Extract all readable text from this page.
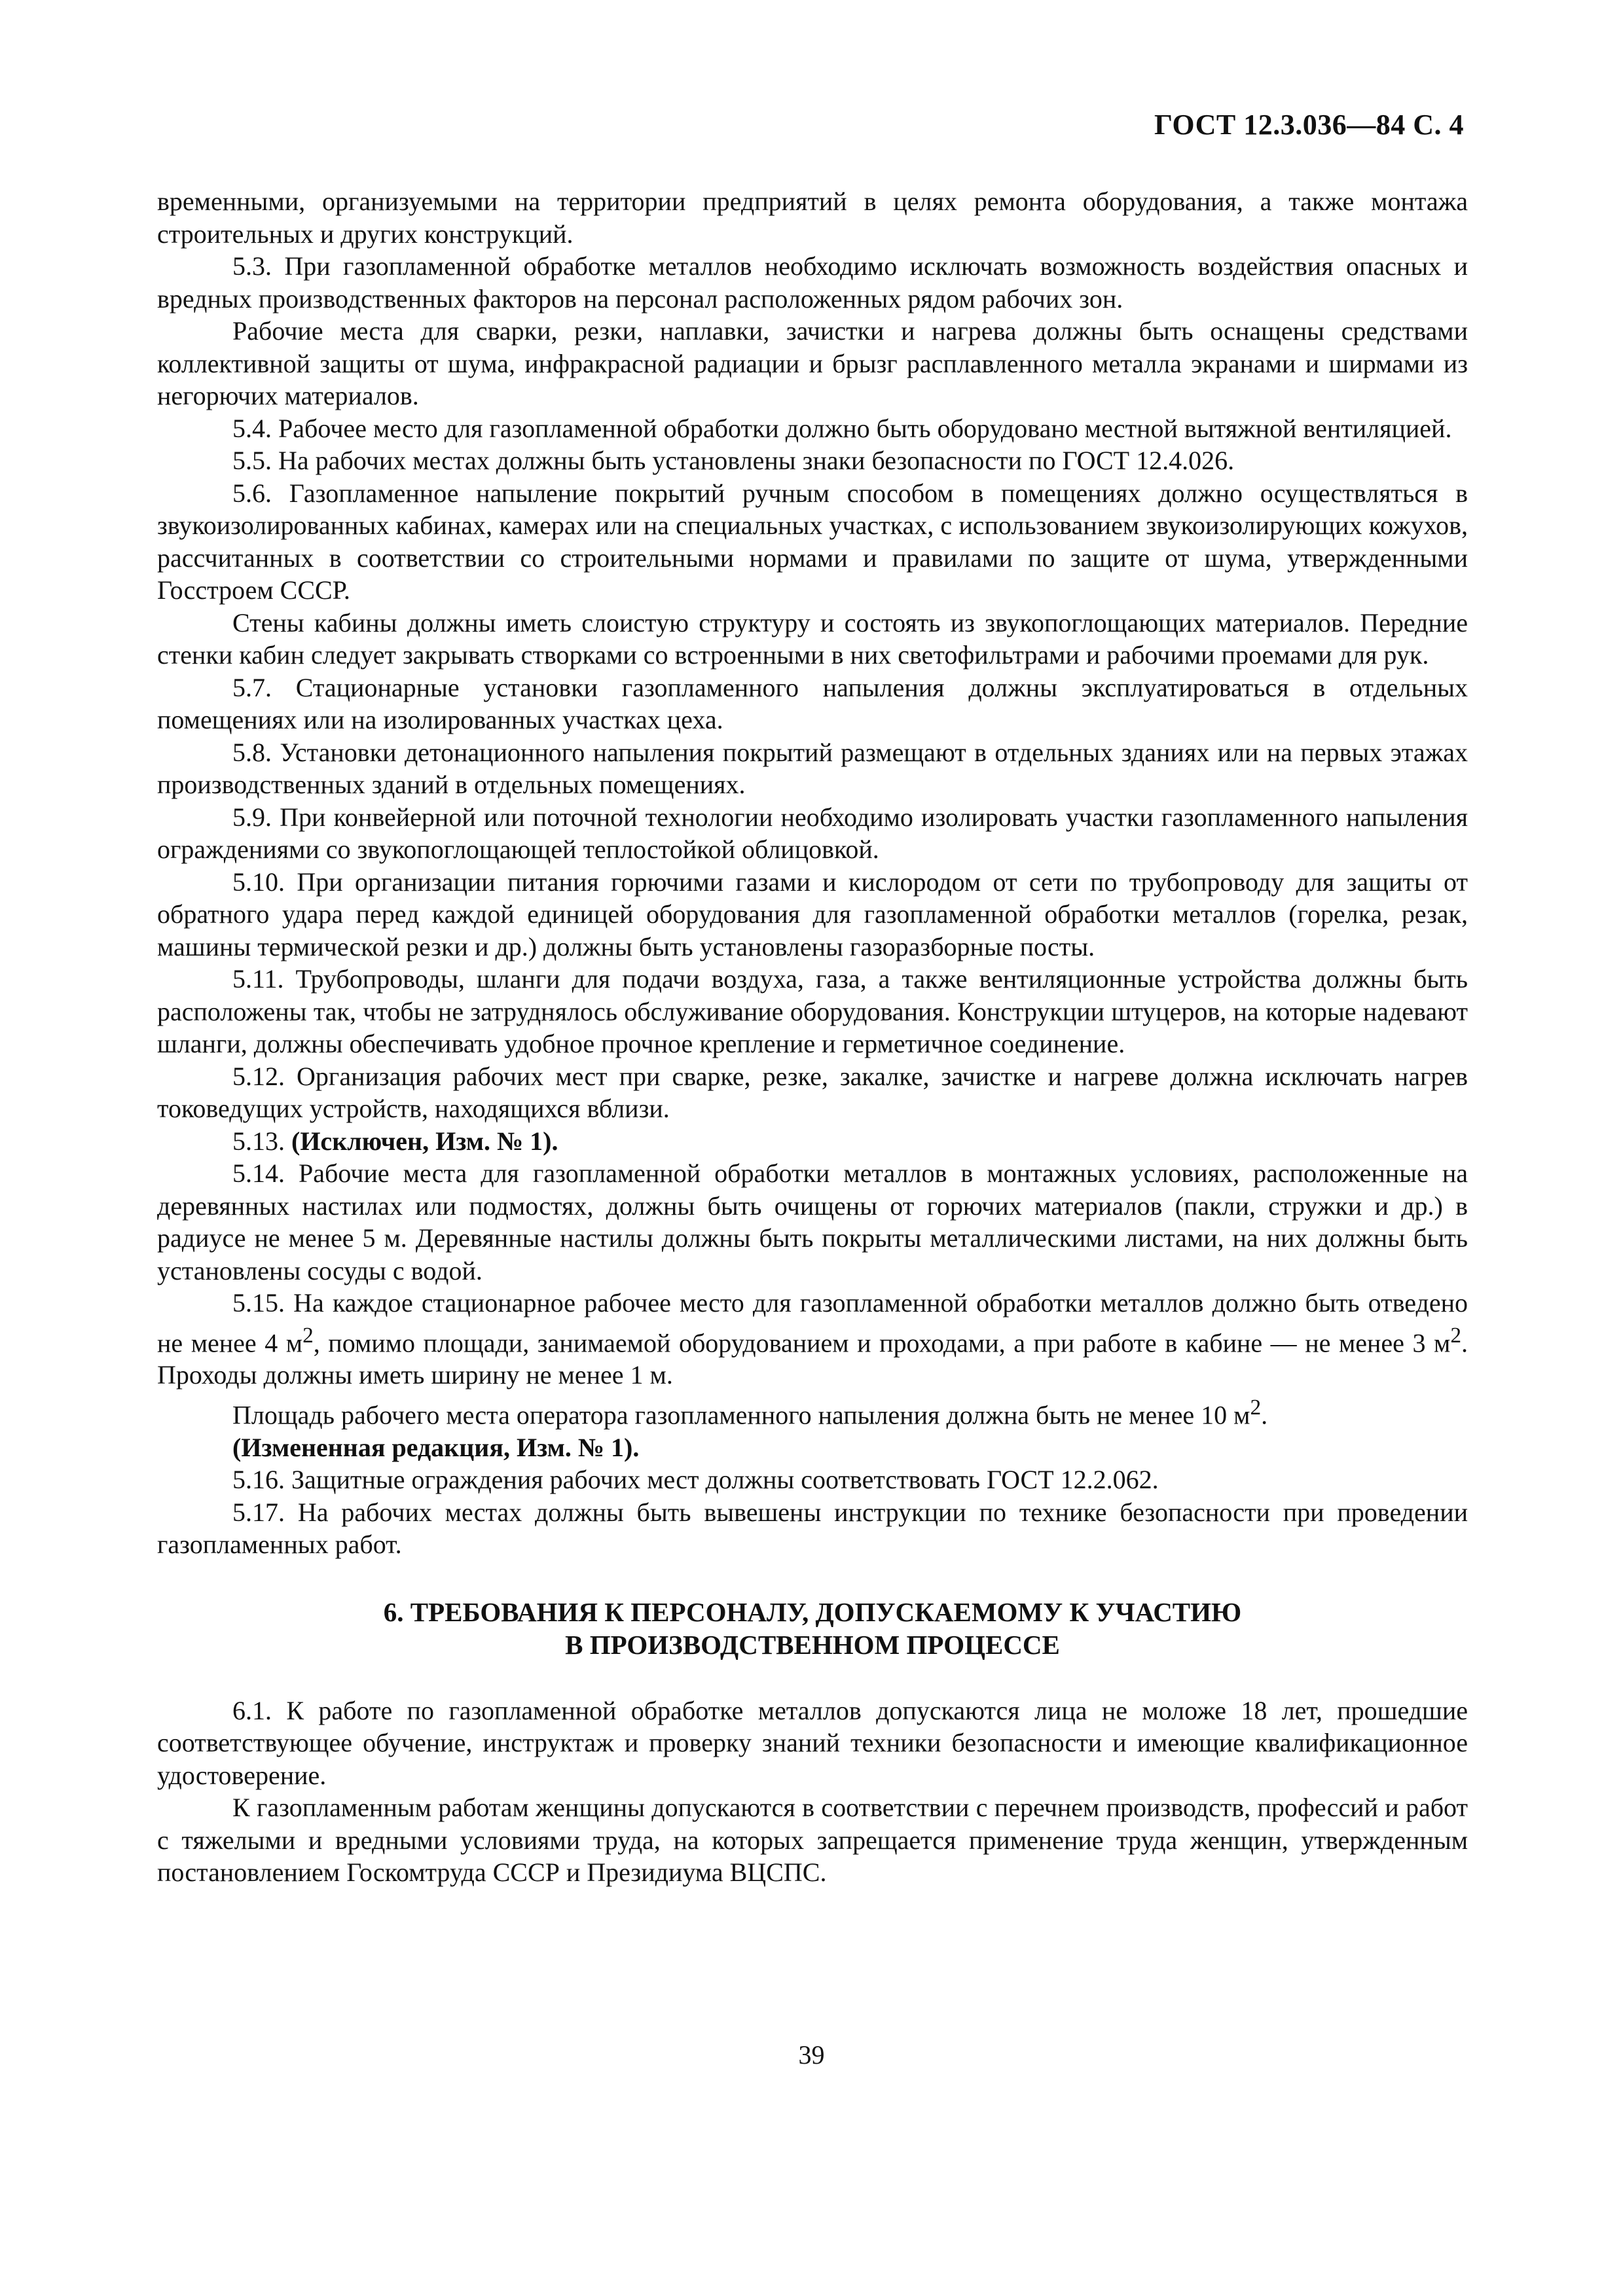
ГОСТ 12.3.036—84 С. 4

временными, организуемыми на территории предприятий в целях ремонта оборудования, а также монтажа строительных и других конструкций.

5.3. При газопламенной обработке металлов необходимо исключать возможность воздействия опасных и вредных производственных факторов на персонал расположенных рядом рабочих зон.

Рабочие места для сварки, резки, наплавки, зачистки и нагрева должны быть оснащены средствами коллективной защиты от шума, инфракрасной радиации и брызг расплавленного металла экранами и ширмами из негорючих материалов.

5.4. Рабочее место для газопламенной обработки должно быть оборудовано местной вытяжной вентиляцией.

5.5. На рабочих местах должны быть установлены знаки безопасности по ГОСТ 12.4.026.

5.6. Газопламенное напыление покрытий ручным способом в помещениях должно осуществляться в звукоизолированных кабинах, камерах или на специальных участках, с использованием звукоизолирующих кожухов, рассчитанных в соответствии со строительными нормами и правилами по защите от шума, утвержденными Госстроем СССР.

Стены кабины должны иметь слоистую структуру и состоять из звукопоглощающих материалов. Передние стенки кабин следует закрывать створками со встроенными в них светофильтрами и рабочими проемами для рук.

5.7. Стационарные установки газопламенного напыления должны эксплуатироваться в отдельных помещениях или на изолированных участках цеха.

5.8. Установки детонационного напыления покрытий размещают в отдельных зданиях или на первых этажах производственных зданий в отдельных помещениях.

5.9. При конвейерной или поточной технологии необходимо изолировать участки газопламенного напыления ограждениями со звукопоглощающей теплостойкой облицовкой.

5.10. При организации питания горючими газами и кислородом от сети по трубопроводу для защиты от обратного удара перед каждой единицей оборудования для газопламенной обработки металлов (горелка, резак, машины термической резки и др.) должны быть установлены газоразборные посты.

5.11. Трубопроводы, шланги для подачи воздуха, газа, а также вентиляционные устройства должны быть расположены так, чтобы не затруднялось обслуживание оборудования. Конструкции штуцеров, на которые надевают шланги, должны обеспечивать удобное прочное крепление и герметичное соединение.

5.12. Организация рабочих мест при сварке, резке, закалке, зачистке и нагреве должна исключать нагрев токоведущих устройств, находящихся вблизи.

5.13. (Исключен, Изм. № 1).

5.14. Рабочие места для газопламенной обработки металлов в монтажных условиях, расположенные на деревянных настилах или подмостях, должны быть очищены от горючих материалов (пакли, стружки и др.) в радиусе не менее 5 м. Деревянные настилы должны быть покрыты металлическими листами, на них должны быть установлены сосуды с водой.

5.15. На каждое стационарное рабочее место для газопламенной обработки металлов должно быть отведено не менее 4 $м^2$, помимо площади, занимаемой оборудованием и проходами, а при работе в кабине — не менее 3 $м^2$. Проходы должны иметь ширину не менее 1 м.

Площадь рабочего места оператора газопламенного напыления должна быть не менее 10 $м^2$.

(Измененная редакция, Изм. № 1).

5.16. Защитные ограждения рабочих мест должны соответствовать ГОСТ 12.2.062.

5.17. На рабочих местах должны быть вывешены инструкции по технике безопасности при проведении газопламенных работ.

6. ТРЕБОВАНИЯ К ПЕРСОНАЛУ, ДОПУСКАЕМОМУ К УЧАСТИЮ
В ПРОИЗВОДСТВЕННОМ ПРОЦЕССЕ

6.1. К работе по газопламенной обработке металлов допускаются лица не моложе 18 лет, прошедшие соответствующее обучение, инструктаж и проверку знаний техники безопасности и имеющие квалификационное удостоверение.

К газопламенным работам женщины допускаются в соответствии с перечнем производств, профессий и работ с тяжелыми и вредными условиями труда, на которых запрещается применение труда женщин, утвержденным постановлением Госкомтруда СССР и Президиума ВЦСПС.

39
